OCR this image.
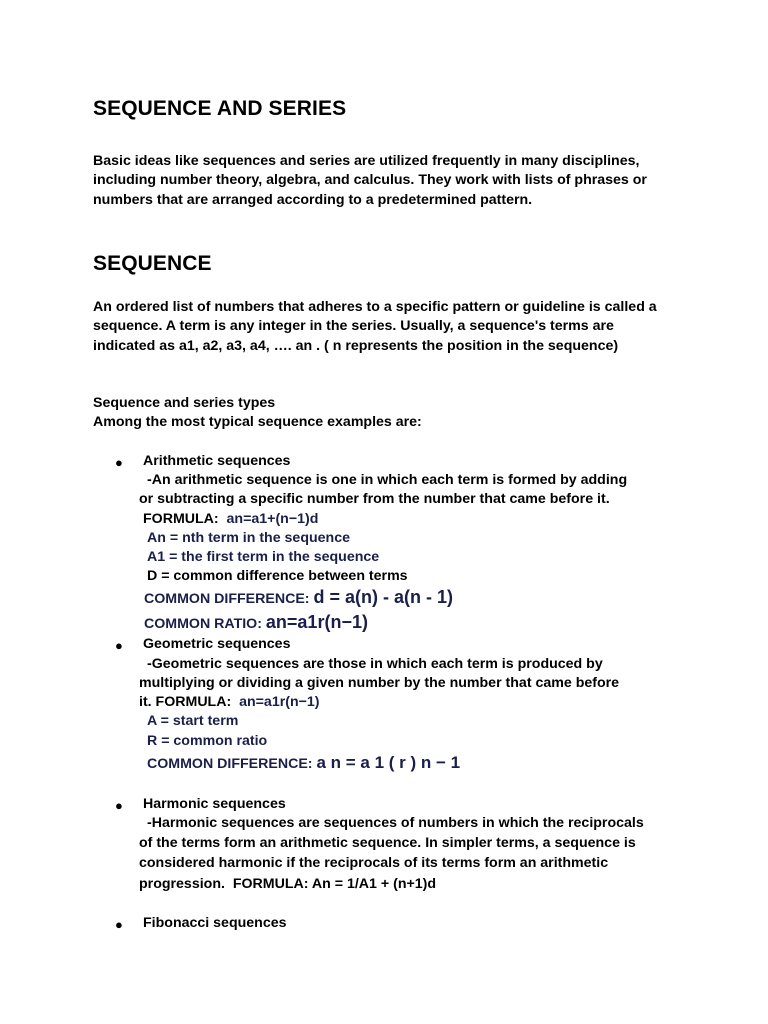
SEQUENCE AND SERIES
Basic ideas like sequences and series are utilized frequently in many disciplines, including number theory, algebra, and calculus. They work with lists of phrases or numbers that are arranged according to a predetermined pattern.
SEQUENCE
An ordered list of numbers that adheres to a specific pattern or guideline is called a sequence. A term is any integer in the series. Usually, a sequence's terms are indicated as a1, a2, a3, a4, …. an . ( n represents the position in the sequence)
Sequence and series types
Among the most typical sequence examples are:
● Arithmetic sequences
-An arithmetic sequence is one in which each term is formed by adding
or subtracting a specific number from the number that came before it.
FORMULA: an=a1+(n−1)d
An = nth term in the sequence
A1 = the first term in the sequence
D = common difference between terms
COMMON DIFFERENCE: d = a(n) - a(n - 1)
COMMON RATIO: an=a1r(n−1)
● Geometric sequences
-Geometric sequences are those in which each term is produced by
multiplying or dividing a given number by the number that came before
it. FORMULA: an=a1r(n−1)
A = start term
R = common ratio
COMMON DIFFERENCE: a n = a 1 ( r ) n − 1
● Harmonic sequences
-Harmonic sequences are sequences of numbers in which the reciprocals
of the terms form an arithmetic sequence. In simpler terms, a sequence is
considered harmonic if the reciprocals of its terms form an arithmetic
progression. FORMULA: An = 1/A1 + (n+1)d
● Fibonacci sequences
